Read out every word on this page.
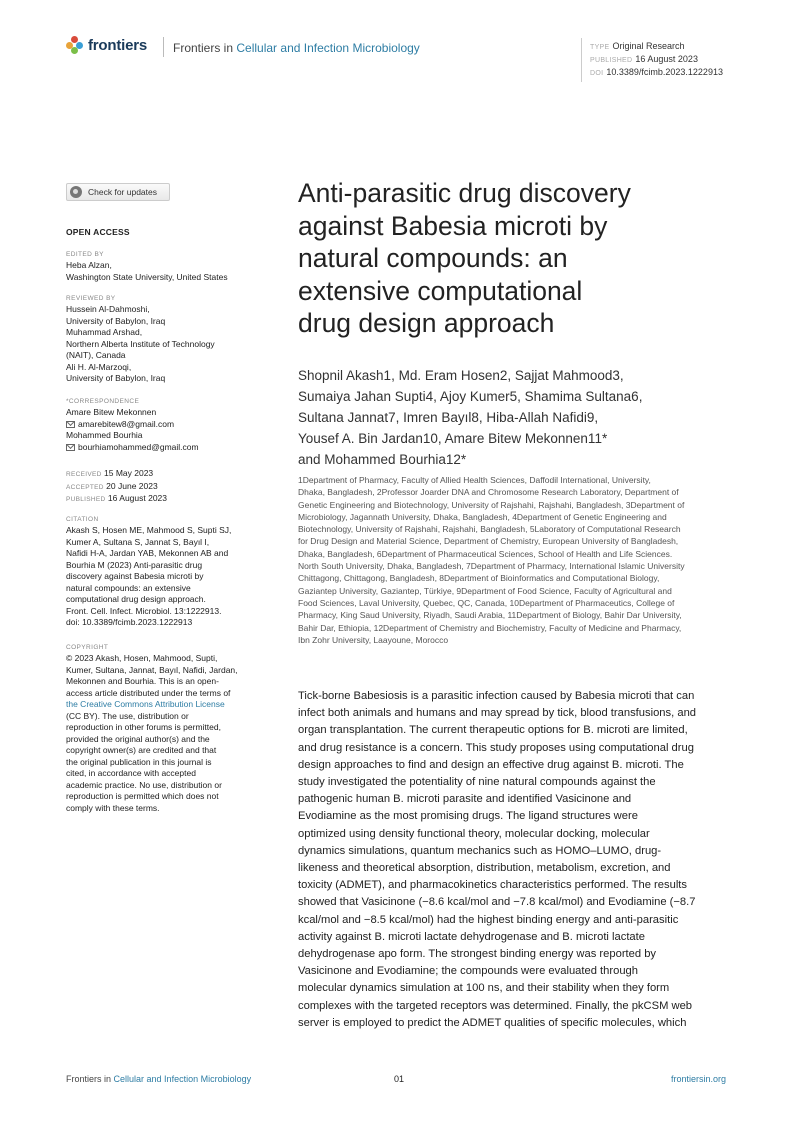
frontiers Frontiers in Cellular and Infection Microbiology	TYPE Original Research
PUBLISHED 16 August 2023
DOI 10.3389/fcimb.2023.1222913
Check for updates
OPEN ACCESS
EDITED BY
Heba Alzan,
Washington State University, United States
REVIEWED BY
Hussein Al-Dahmoshi,
University of Babylon, Iraq
Muhammad Arshad,
Northern Alberta Institute of Technology
(NAIT), Canada
Ali H. Al-Marzoqi,
University of Babylon, Iraq
*CORRESPONDENCE
Amare Bitew Mekonnen
amarebitew8@gmail.com
Mohammed Bourhia
bourhiamohammed@gmail.com
RECEIVED 15 May 2023
ACCEPTED 20 June 2023
PUBLISHED 16 August 2023
CITATION
Akash S, Hosen ME, Mahmood S, Supti SJ,
Kumer A, Sultana S, Jannat S, Bayıl I,
Nafidi H-A, Jardan YAB, Mekonnen AB and
Bourhia M (2023) Anti-parasitic drug
discovery against Babesia microti by
natural compounds: an extensive
computational drug design approach.
Front. Cell. Infect. Microbiol. 13:1222913.
doi: 10.3389/fcimb.2023.1222913
COPYRIGHT
© 2023 Akash, Hosen, Mahmood, Supti,
Kumer, Sultana, Jannat, Bayıl, Nafidi, Jardan,
Mekonnen and Bourhia. This is an open-
access article distributed under the terms of
the Creative Commons Attribution License
(CC BY). The use, distribution or
reproduction in other forums is permitted,
provided the original author(s) and the
copyright owner(s) are credited and that
the original publication in this journal is
cited, in accordance with accepted
academic practice. No use, distribution or
reproduction is permitted which does not
comply with these terms.
Anti-parasitic drug discovery
against Babesia microti by
natural compounds: an
extensive computational
drug design approach
Shopnil Akash1, Md. Eram Hosen2, Sajjat Mahmood3,
Sumaiya Jahan Supti4, Ajoy Kumer5, Shamima Sultana6,
Sultana Jannat7, Imren Bayıl8, Hiba-Allah Nafidi9,
Yousef A. Bin Jardan10, Amare Bitew Mekonnen11*
and Mohammed Bourhia12*
1Department of Pharmacy, Faculty of Allied Health Sciences, Daffodil International, University,
Dhaka, Bangladesh, 2Professor Joarder DNA and Chromosome Research Laboratory, Department of
Genetic Engineering and Biotechnology, University of Rajshahi, Rajshahi, Bangladesh, 3Department of
Microbiology, Jagannath University, Dhaka, Bangladesh, 4Department of Genetic Engineering and
Biotechnology, University of Rajshahi, Rajshahi, Bangladesh, 5Laboratory of Computational Research
for Drug Design and Material Science, Department of Chemistry, European University of Bangladesh,
Dhaka, Bangladesh, 6Department of Pharmaceutical Sciences, School of Health and Life Sciences.
North South University, Dhaka, Bangladesh, 7Department of Pharmacy, International Islamic University
Chittagong, Chittagong, Bangladesh, 8Department of Bioinformatics and Computational Biology,
Gaziantep University, Gaziantep, Türkiye, 9Department of Food Science, Faculty of Agricultural and
Food Sciences, Laval University, Quebec, QC, Canada, 10Department of Pharmaceutics, College of
Pharmacy, King Saud University, Riyadh, Saudi Arabia, 11Department of Biology, Bahir Dar University,
Bahir Dar, Ethiopia, 12Department of Chemistry and Biochemistry, Faculty of Medicine and Pharmacy,
Ibn Zohr University, Laayoune, Morocco
Tick-borne Babesiosis is a parasitic infection caused by Babesia microti that can
infect both animals and humans and may spread by tick, blood transfusions, and
organ transplantation. The current therapeutic options for B. microti are limited,
and drug resistance is a concern. This study proposes using computational drug
design approaches to find and design an effective drug against B. microti. The
study investigated the potentiality of nine natural compounds against the
pathogenic human B. microti parasite and identified Vasicinone and
Evodiamine as the most promising drugs. The ligand structures were
optimized using density functional theory, molecular docking, molecular
dynamics simulations, quantum mechanics such as HOMO–LUMO, drug-
likeness and theoretical absorption, distribution, metabolism, excretion, and
toxicity (ADMET), and pharmacokinetics characteristics performed. The results
showed that Vasicinone (−8.6 kcal/mol and −7.8 kcal/mol) and Evodiamine (−8.7
kcal/mol and −8.5 kcal/mol) had the highest binding energy and anti-parasitic
activity against B. microti lactate dehydrogenase and B. microti lactate
dehydrogenase apo form. The strongest binding energy was reported by
Vasicinone and Evodiamine; the compounds were evaluated through
molecular dynamics simulation at 100 ns, and their stability when they form
complexes with the targeted receptors was determined. Finally, the pkCSM web
server is employed to predict the ADMET qualities of specific molecules, which
Frontiers in Cellular and Infection Microbiology	01	frontiersin.org
